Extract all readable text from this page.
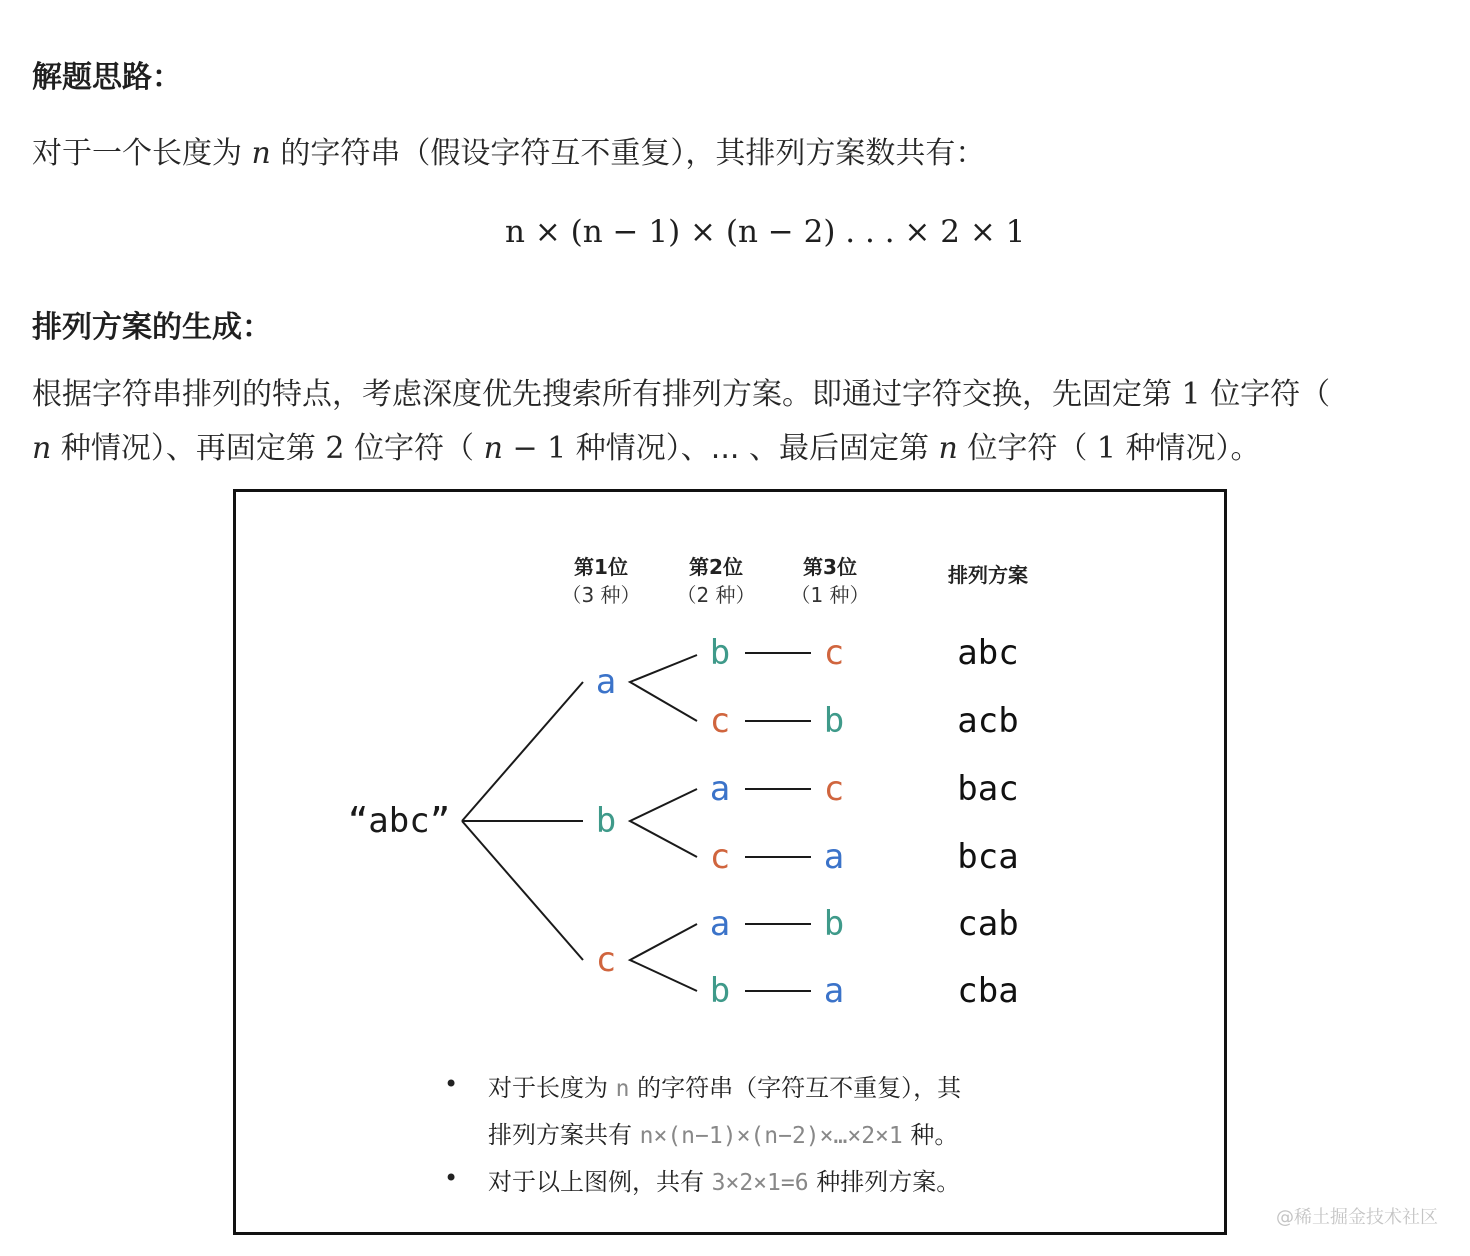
解题思路：
对于一个长度为 n 的字符串（假设字符互不重复），其排列方案数共有：
n × (n − 1) × (n − 2) . . . × 2 × 1
排列方案的生成：
根据字符串排列的特点，考虑深度优先搜索所有排列方案。即通过字符交换，先固定第 1 位字符（
n 种情况）、再固定第 2 位字符（ n − 1 种情况）、... 、最后固定第 n 位字符（ 1 种情况）。
第1位
（3 种）
第2位
（2 种）
第3位
（1 种）
排列方案
“abc”
a
b
c
b
c
a
c
a
b
c
b
c
a
b
a
abc
acb
bac
bca
cab
cba
• 对于长度为 n 的字符串（字符互不重复），其
排列方案共有 n×(n−1)×(n−2)×…×2×1 种。
• 对于以上图例，共有 3×2×1=6 种排列方案。
@稀土掘金技术社区
